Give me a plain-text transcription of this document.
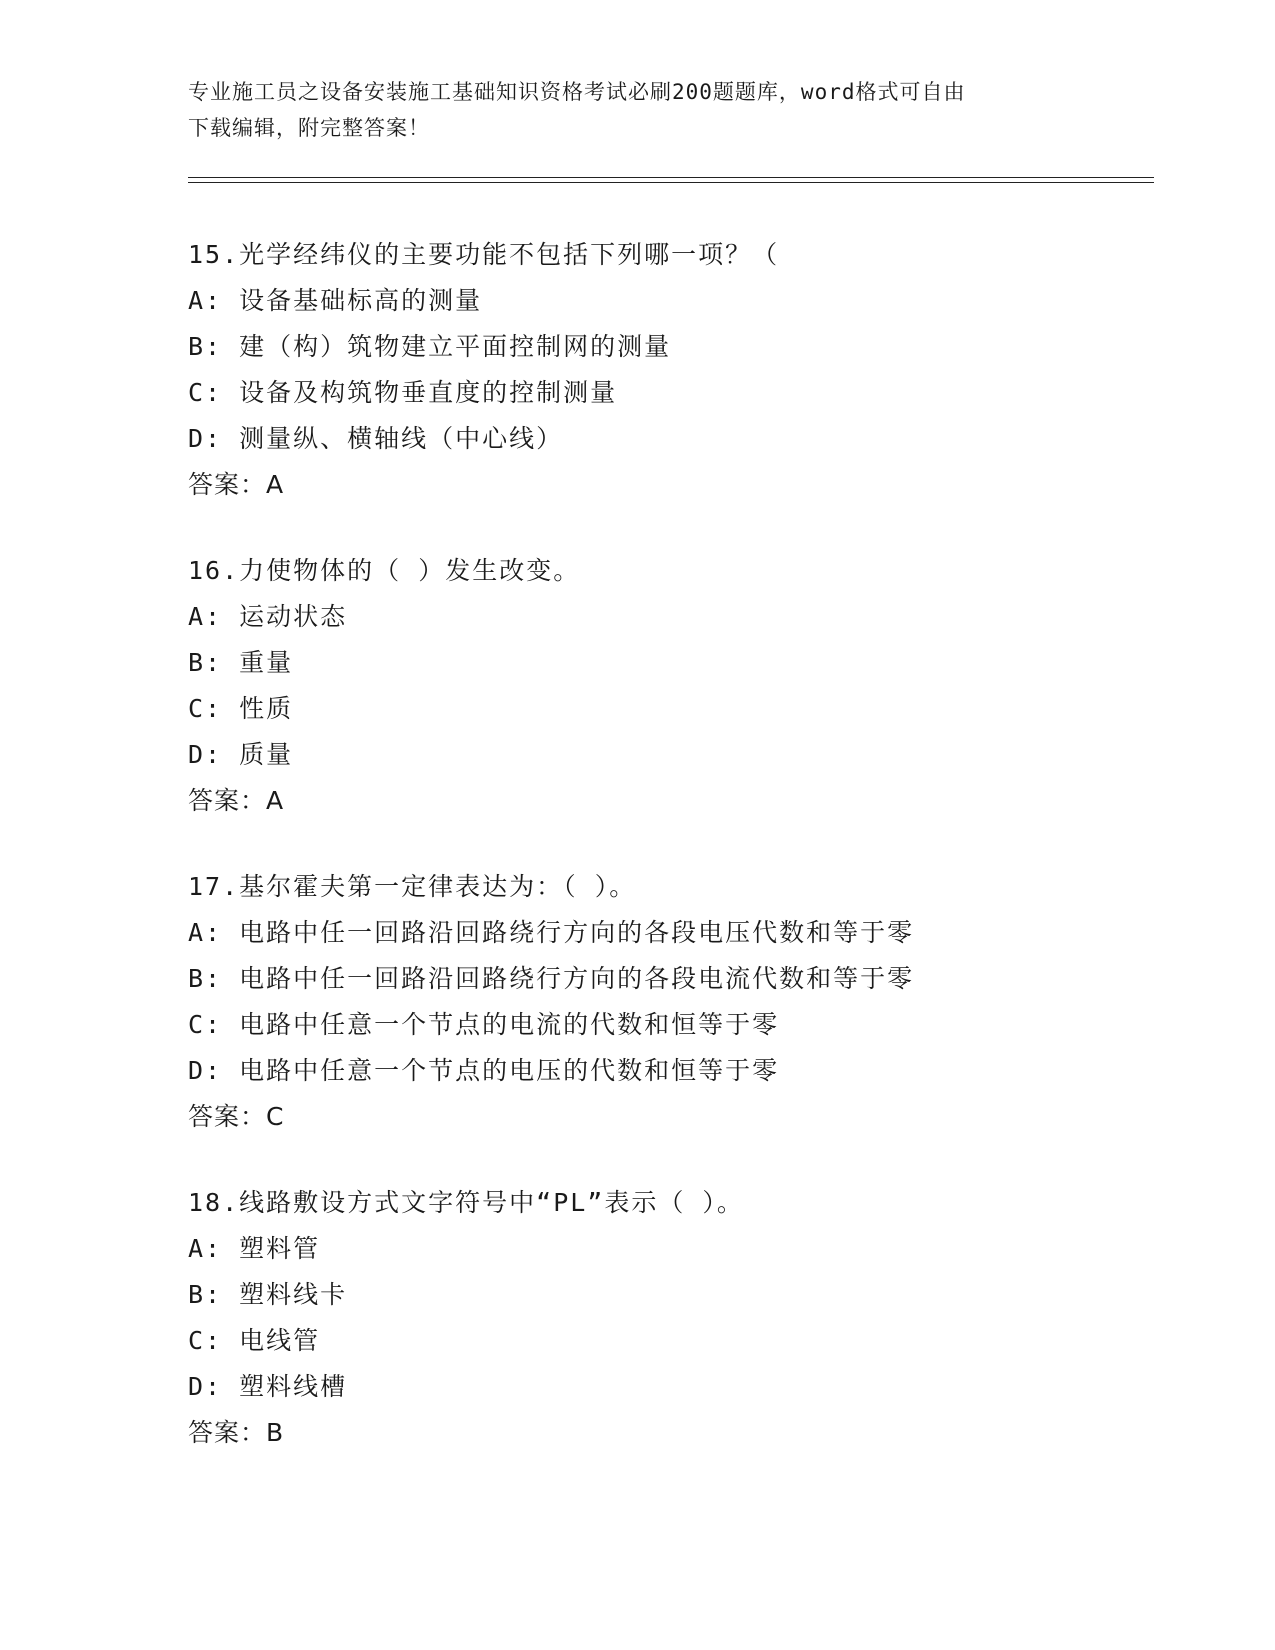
专业施工员之设备安装施工基础知识资格考试必刷200题题库，word格式可自由
下载编辑，附完整答案！
15.光学经纬仪的主要功能不包括下列哪一项？（
A: 设备基础标高的测量
B: 建（构）筑物建立平面控制网的测量
C: 设备及构筑物垂直度的控制测量
D: 测量纵、横轴线（中心线）
答案：A
16.力使物体的（ ）发生改变。
A: 运动状态
B: 重量
C: 性质
D: 质量
答案：A
17.基尔霍夫第一定律表达为：（ ）。
A: 电路中任一回路沿回路绕行方向的各段电压代数和等于零
B: 电路中任一回路沿回路绕行方向的各段电流代数和等于零
C: 电路中任意一个节点的电流的代数和恒等于零
D: 电路中任意一个节点的电压的代数和恒等于零
答案：C
18.线路敷设方式文字符号中“PL”表示（ ）。
A: 塑料管
B: 塑料线卡
C: 电线管
D: 塑料线槽
答案：B
